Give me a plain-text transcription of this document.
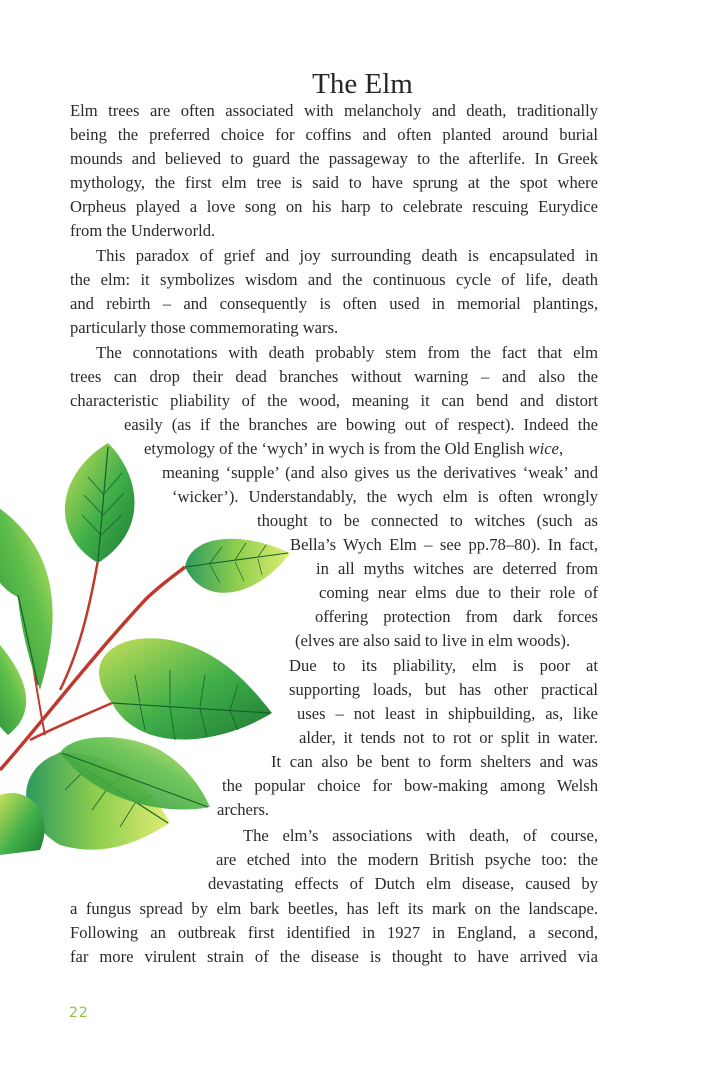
The Elm
Elm trees are often associated with melancholy and death, traditionally
being the preferred choice for coffins and often planted around burial
mounds and believed to guard the passageway to the afterlife. In Greek
mythology, the first elm tree is said to have sprung at the spot where
Orpheus played a love song on his harp to celebrate rescuing Eurydice
from the Underworld.
This paradox of grief and joy surrounding death is encapsulated in
the elm: it symbolizes wisdom and the continuous cycle of life, death
and rebirth – and consequently is often used in memorial plantings,
particularly those commemorating wars.
The connotations with death probably stem from the fact that elm
trees can drop their dead branches without warning – and also the
characteristic pliability of the wood, meaning it can bend and distort
easily (as if the branches are bowing out of respect). Indeed the
etymology of the ‘wych’ in wych is from the Old English wice,
meaning ‘supple’ (and also gives us the derivatives ‘weak’ and
‘wicker’). Understandably, the wych elm is often wrongly
thought to be connected to witches (such as
Bella’s Wych Elm – see pp.78–80). In fact,
in all myths witches are deterred from
coming near elms due to their role of
offering protection from dark forces
(elves are also said to live in elm woods).
Due to its pliability, elm is poor at
supporting loads, but has other practical
uses – not least in shipbuilding, as, like
alder, it tends not to rot or split in water.
It can also be bent to form shelters and was
the popular choice for bow-making among Welsh
archers.
The elm’s associations with death, of course,
are etched into the modern British psyche too: the
devastating effects of Dutch elm disease, caused by
a fungus spread by elm bark beetles, has left its mark on the landscape.
Following an outbreak first identified in 1927 in England, a second,
far more virulent strain of the disease is thought to have arrived via
22
